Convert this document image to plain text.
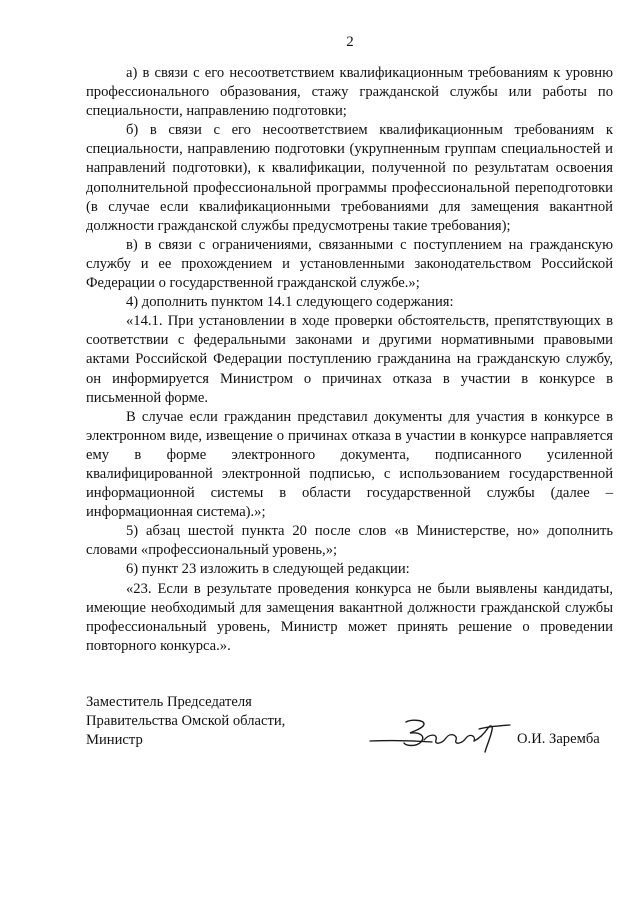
2

а) в связи с его несоответствием квалификационным требованиям к уровню профессионального образования, стажу гражданской службы или работы по специальности, направлению подготовки;

б) в связи с его несоответствием квалификационным требованиям к специальности, направлению подготовки (укрупненным группам специальностей и направлений подготовки), к квалификации, полученной по результатам освоения дополнительной профессиональной программы профессиональной переподготовки (в случае если квалификационными требованиями для замещения вакантной должности гражданской службы предусмотрены такие требования);

в) в связи с ограничениями, связанными с поступлением на гражданскую службу и ее прохождением и установленными законодательством Российской Федерации о государственной гражданской службе.»;

4) дополнить пунктом 14.1 следующего содержания:

«14.1. При установлении в ходе проверки обстоятельств, препятствующих в соответствии с федеральными законами и другими нормативными правовыми актами Российской Федерации поступлению гражданина на гражданскую службу, он информируется Министром о причинах отказа в участии в конкурсе в письменной форме.

В случае если гражданин представил документы для участия в конкурсе в электронном виде, извещение о причинах отказа в участии в конкурсе направляется ему в форме электронного документа, подписанного усиленной квалифицированной электронной подписью, с использованием государственной информационной системы в области государственной службы (далее – информационная система).»;

5) абзац шестой пункта 20 после слов «в Министерстве, но» дополнить словами «профессиональный уровень,»;

6) пункт 23 изложить в следующей редакции:

«23. Если в результате проведения конкурса не были выявлены кандидаты, имеющие необходимый для замещения вакантной должности гражданской службы профессиональный уровень, Министр может принять решение о проведении повторного конкурса.».

Заместитель Председателя
Правительства Омской области,
Министр	О.И. Заремба
